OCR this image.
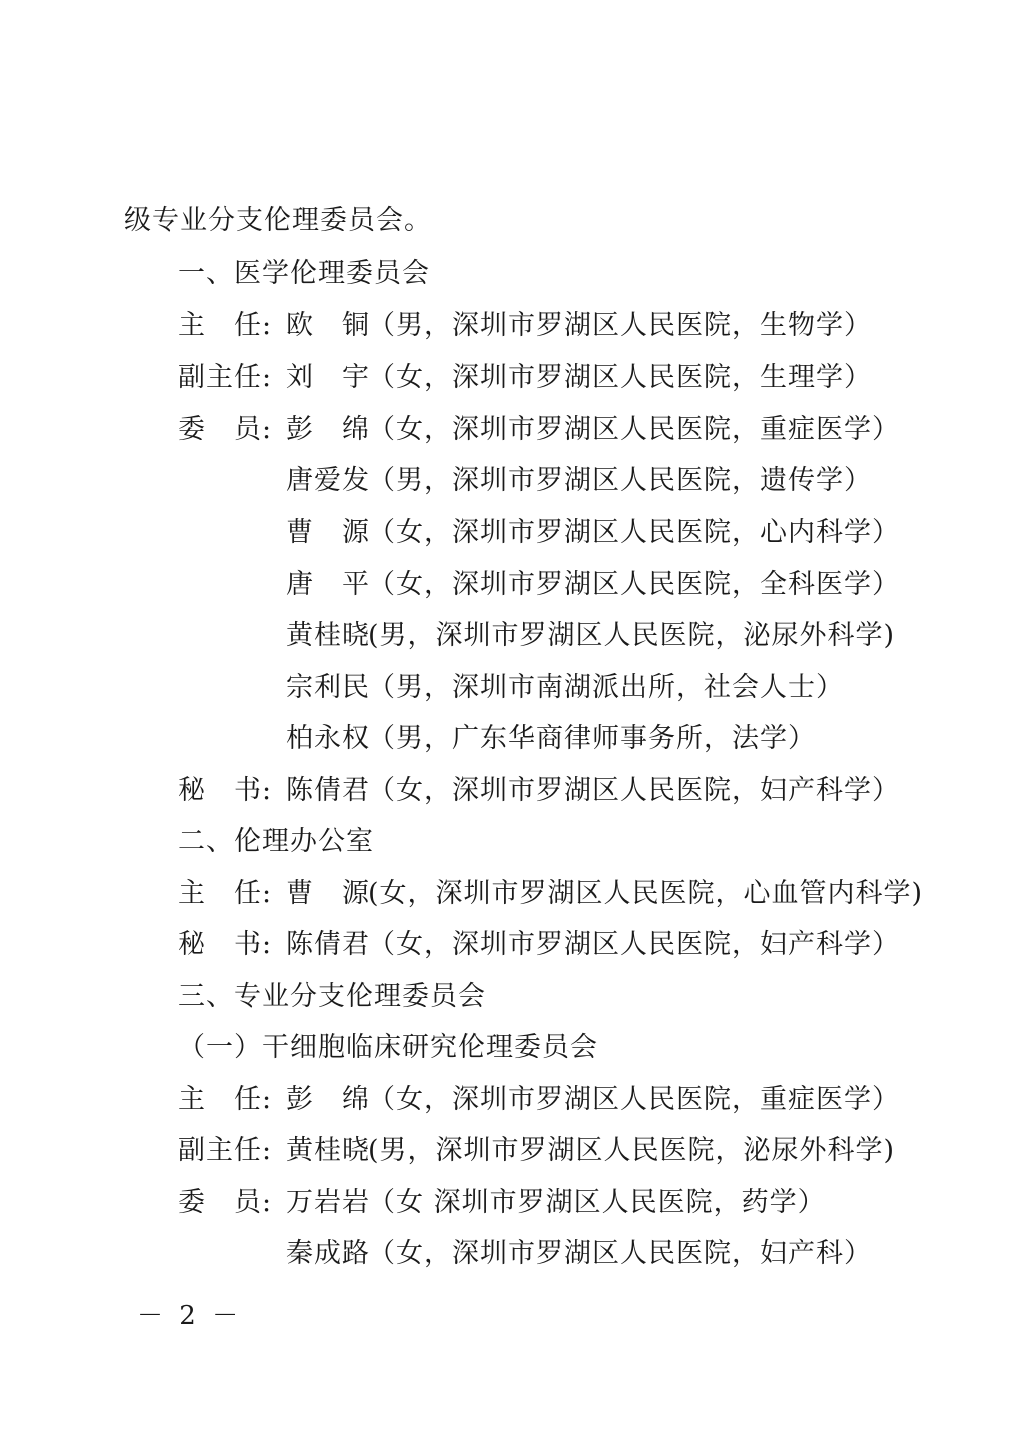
级专业分支伦理委员会。
一、医学伦理委员会
主　任: 欧　铜（男，深圳市罗湖区人民医院，生物学）
副主任: 刘　宇（女，深圳市罗湖区人民医院，生理学）
委　员: 彭　绵（女，深圳市罗湖区人民医院，重症医学）
唐爱发（男，深圳市罗湖区人民医院，遗传学）
曹　源（女，深圳市罗湖区人民医院，心内科学）
唐　平（女，深圳市罗湖区人民医院，全科医学）
黄桂晓(男，深圳市罗湖区人民医院，泌尿外科学)
宗利民（男，深圳市南湖派出所，社会人士）
柏永权（男，广东华商律师事务所，法学）
秘　书: 陈倩君（女，深圳市罗湖区人民医院，妇产科学）
二、伦理办公室
主　任: 曹　源(女，深圳市罗湖区人民医院，心血管内科学)
秘　书: 陈倩君（女，深圳市罗湖区人民医院，妇产科学）
三、专业分支伦理委员会
（一）干细胞临床研究伦理委员会
主　任: 彭　绵（女，深圳市罗湖区人民医院，重症医学）
副主任: 黄桂晓(男，深圳市罗湖区人民医院，泌尿外科学)
委　员: 万岩岩（女 深圳市罗湖区人民医院，药学）
秦成路（女，深圳市罗湖区人民医院，妇产科）
－ 2 －
